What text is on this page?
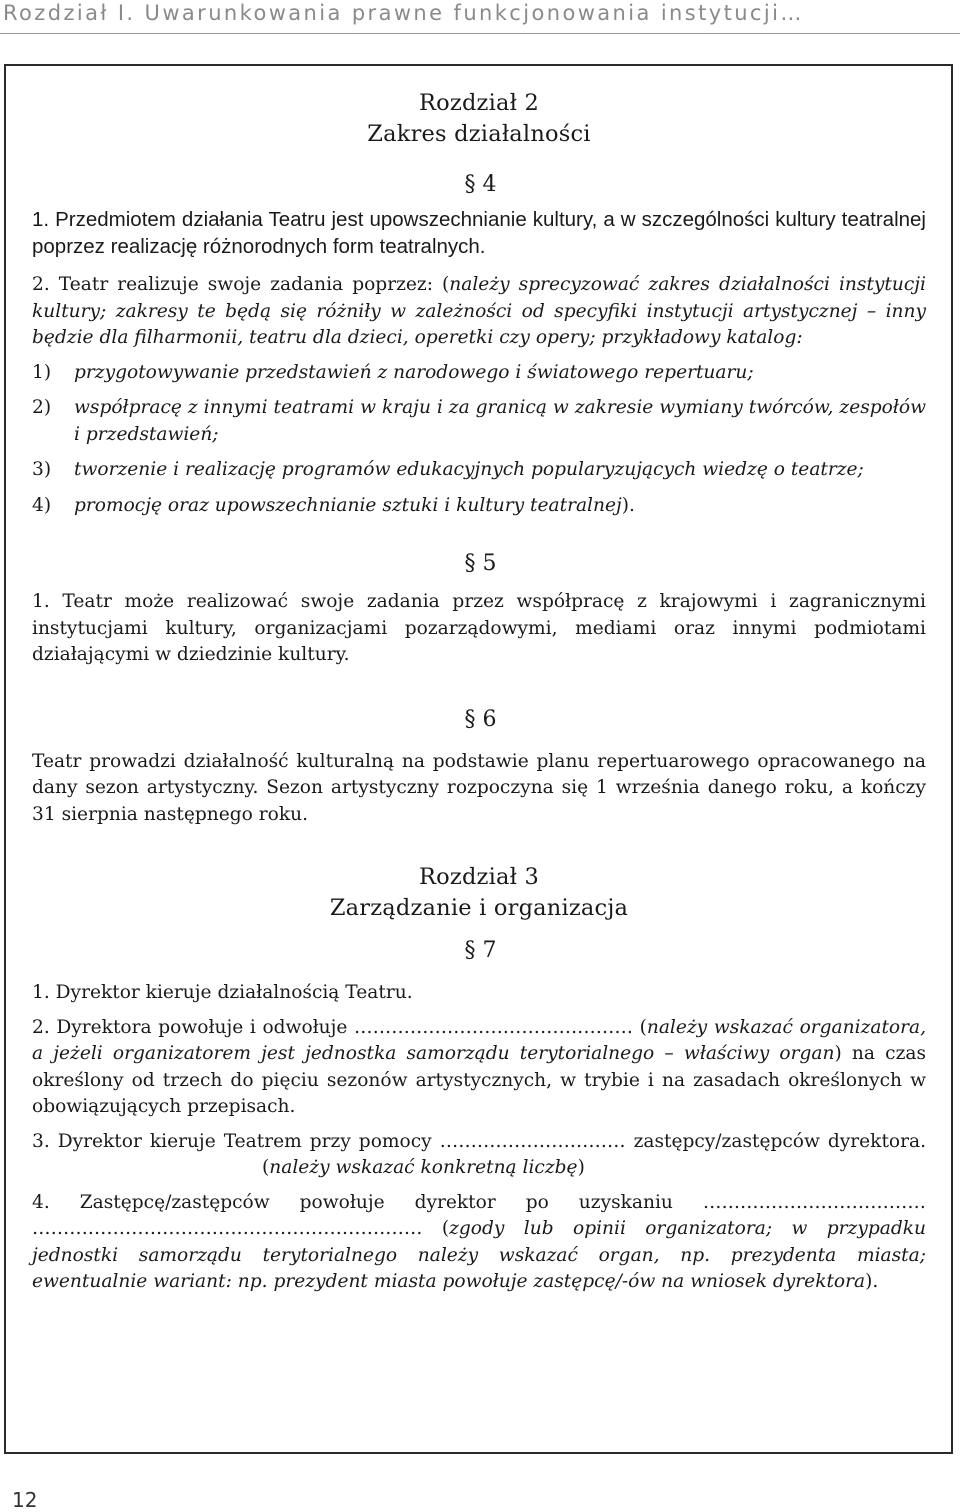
Rozdział I. Uwarunkowania prawne funkcjonowania instytucji…
Rozdział 2
Zakres działalności
§ 4

1. Przedmiotem działania Teatru jest upowszechnianie kultury, a w szczególności kultury teatralnej poprzez realizację różnorodnych form teatralnych.

2. Teatr realizuje swoje zadania poprzez: (należy sprecyzować zakres działalności instytucji kultury; zakresy te będą się różniły w zależności od specyfiki instytucji artystycznej – inny będzie dla filharmonii, teatru dla dzieci, operetki czy opery; przykładowy katalog:

1) przygotowywanie przedstawień z narodowego i światowego repertuaru;
2) współpracę z innymi teatrami w kraju i za granicą w zakresie wymiany twórców, zespołów i przedstawień;
3) tworzenie i realizację programów edukacyjnych popularyzujących wiedzę o teatrze;
4) promocję oraz upowszechnianie sztuki i kultury teatralnej).
§ 5

1. Teatr może realizować swoje zadania przez współpracę z krajowymi i zagranicznymi instytucjami kultury, organizacjami pozarządowymi, mediami oraz innymi podmiotami działającymi w dziedzinie kultury.

§ 6

Teatr prowadzi działalność kulturalną na podstawie planu repertuarowego opracowanego na dany sezon artystyczny. Sezon artystyczny rozpoczyna się 1 września danego roku, a kończy 31 sierpnia następnego roku.

Rozdział 3
Zarządzanie i organizacja
§ 7

1. Dyrektor kieruje działalnością Teatru.

2. Dyrektora powołuje i odwołuje ……………………………………… (należy wskazać organizatora, a jeżeli organizatorem jest jednostka samorządu terytorialnego – właściwy organ) na czas określony od trzech do pięciu sezonów artystycznych, w trybie i na zasadach określonych w obowiązujących przepisach.

3. Dyrektor kieruje Teatrem przy pomocy ………………………… zastępcy/zastępców dyrektora.(należy wskazać konkretną liczbę)

4. Zastępcę/zastępców powołuje dyrektor po uzyskaniu ……………………………… ……………………………………………………… (zgody lub opinii organizatora; w przypadku jednostki samorządu terytorialnego należy wskazać organ, np. prezydenta miasta; ewentualnie wariant: np. prezydent miasta powołuje zastępcę/-ów na wniosek dyrektora).

12
